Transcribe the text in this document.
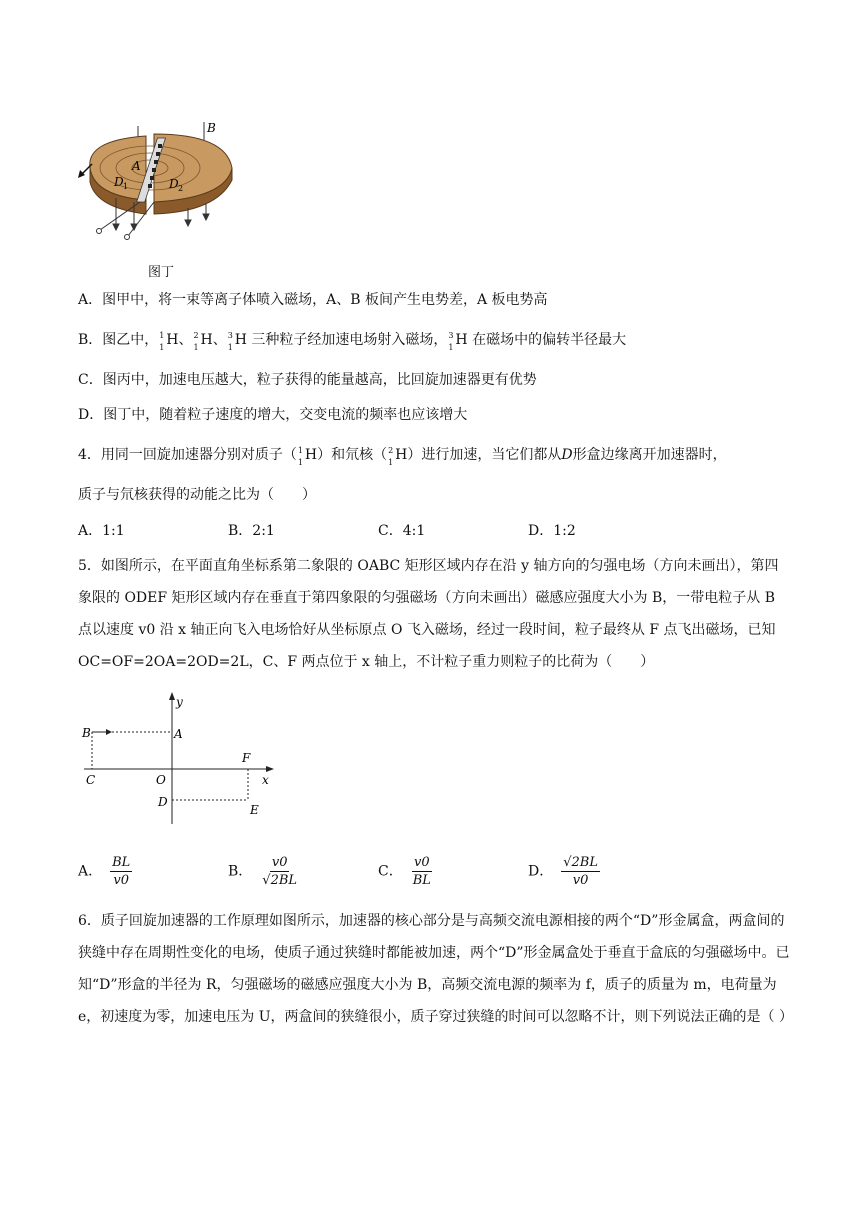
B
A
D 1	D 2
图丁
A．图甲中，将一束等离子体喷入磁场，A、B 板间产生电势差，A 板电势高
B．图乙中， 1
1 H、 2
1 H、 3
1 H 三种粒子经加速电场射入磁场， 3
1 H 在磁场中的偏转半径最大
C．图丙中，加速电压越大，粒子获得的能量越高，比回旋加速器更有优势
D．图丁中，随着粒子速度的增大，交变电流的频率也应该增大
4．用同一回旋加速器分别对质子（ 1
1 H）和氘核（ 2
1 H）进行加速，当它们都从D形盒边缘离开加速器时，
质子与氘核获得的动能之比为（　　）
A．1:1	B．2:1	C．4:1	D．1:2
5．如图所示，在平面直角坐标系第二象限的 OABC 矩形区域内存在沿 y 轴方向的匀强电场（方向未画出），第四象限的 ODEF 矩形区域内存在垂直于第四象限的匀强磁场（方向未画出）磁感应强度大小为 B，一带电粒子从 B 点以速度 v0 沿 x 轴正向飞入电场恰好从坐标原点 O 飞入磁场，经过一段时间，粒子最终从 F 点飞出磁场，已知 OC=OF=2OA=2OD=2L，C、F 两点位于 x 轴上，不计粒子重力则粒子的比荷为（　　）
y
x
B	A
C	O
F
D
E
A． $\frac{BL}{v0}$	B． $\frac{v0}{√2BL}$	C． $\frac{v0}{BL}$	D． $\frac{√2BL}{v0}$
6．质子回旋加速器的工作原理如图所示，加速器的核心部分是与高频交流电源相接的两个“D”形金属盒，两盒间的狭缝中存在周期性变化的电场，使质子通过狭缝时都能被加速，两个“D”形金属盒处于垂直于盒底的匀强磁场中。已知“D”形盒的半径为 R，匀强磁场的磁感应强度大小为 B，高频交流电源的频率为 f，质子的质量为 m，电荷量为 e，初速度为零，加速电压为 U，两盒间的狭缝很小，质子穿过狭缝的时间可以忽略不计，则下列说法正确的是（ ）
